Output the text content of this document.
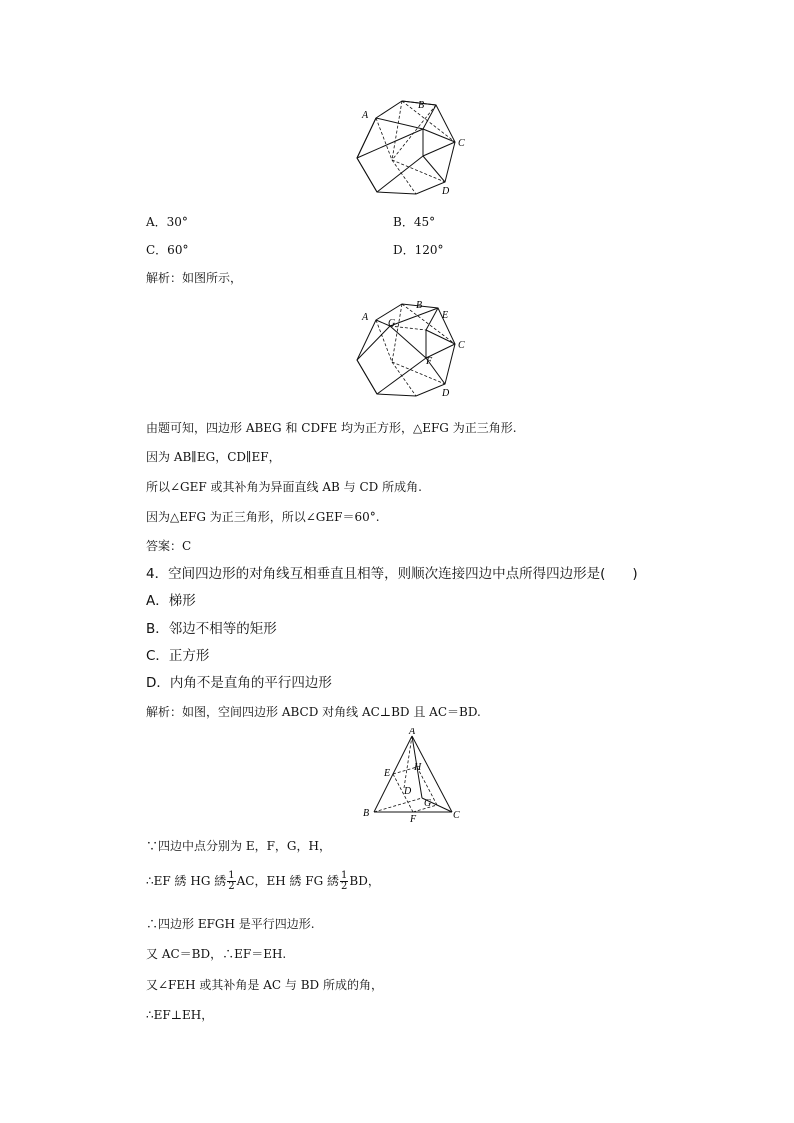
A
B
C
D
A．30°	B．45°
C．60°	D．120°
解析：如图所示，
A
G
B
E
C
F
D
由题可知，四边形 ABEG 和 CDFE 均为正方形，△EFG 为正三角形.
因为 AB∥EG，CD∥EF，
所以∠GEF 或其补角为异面直线 AB 与 CD 所成角.
因为△EFG 为正三角形，所以∠GEF＝60°.
答案：C
4．空间四边形的对角线互相垂直且相等，则顺次连接四边中点所得四边形是(　　)
A．梯形
B．邻边不相等的矩形
C．正方形
D．内角不是直角的平行四边形
解析：如图，空间四边形 ABCD 对角线 AC⊥BD 且 AC＝BD.
A
H
E
D
G
B
F	C
∵四边中点分别为 E，F，G，H，
∴EF 綉 HG 綉 $\frac{1}{2}$ AC，EH 綉 FG 綉 $\frac{1}{2}$ BD，
∴四边形 EFGH 是平行四边形.
又 AC＝BD，∴EF＝EH.
又∠FEH 或其补角是 AC 与 BD 所成的角，
∴EF⊥EH，
